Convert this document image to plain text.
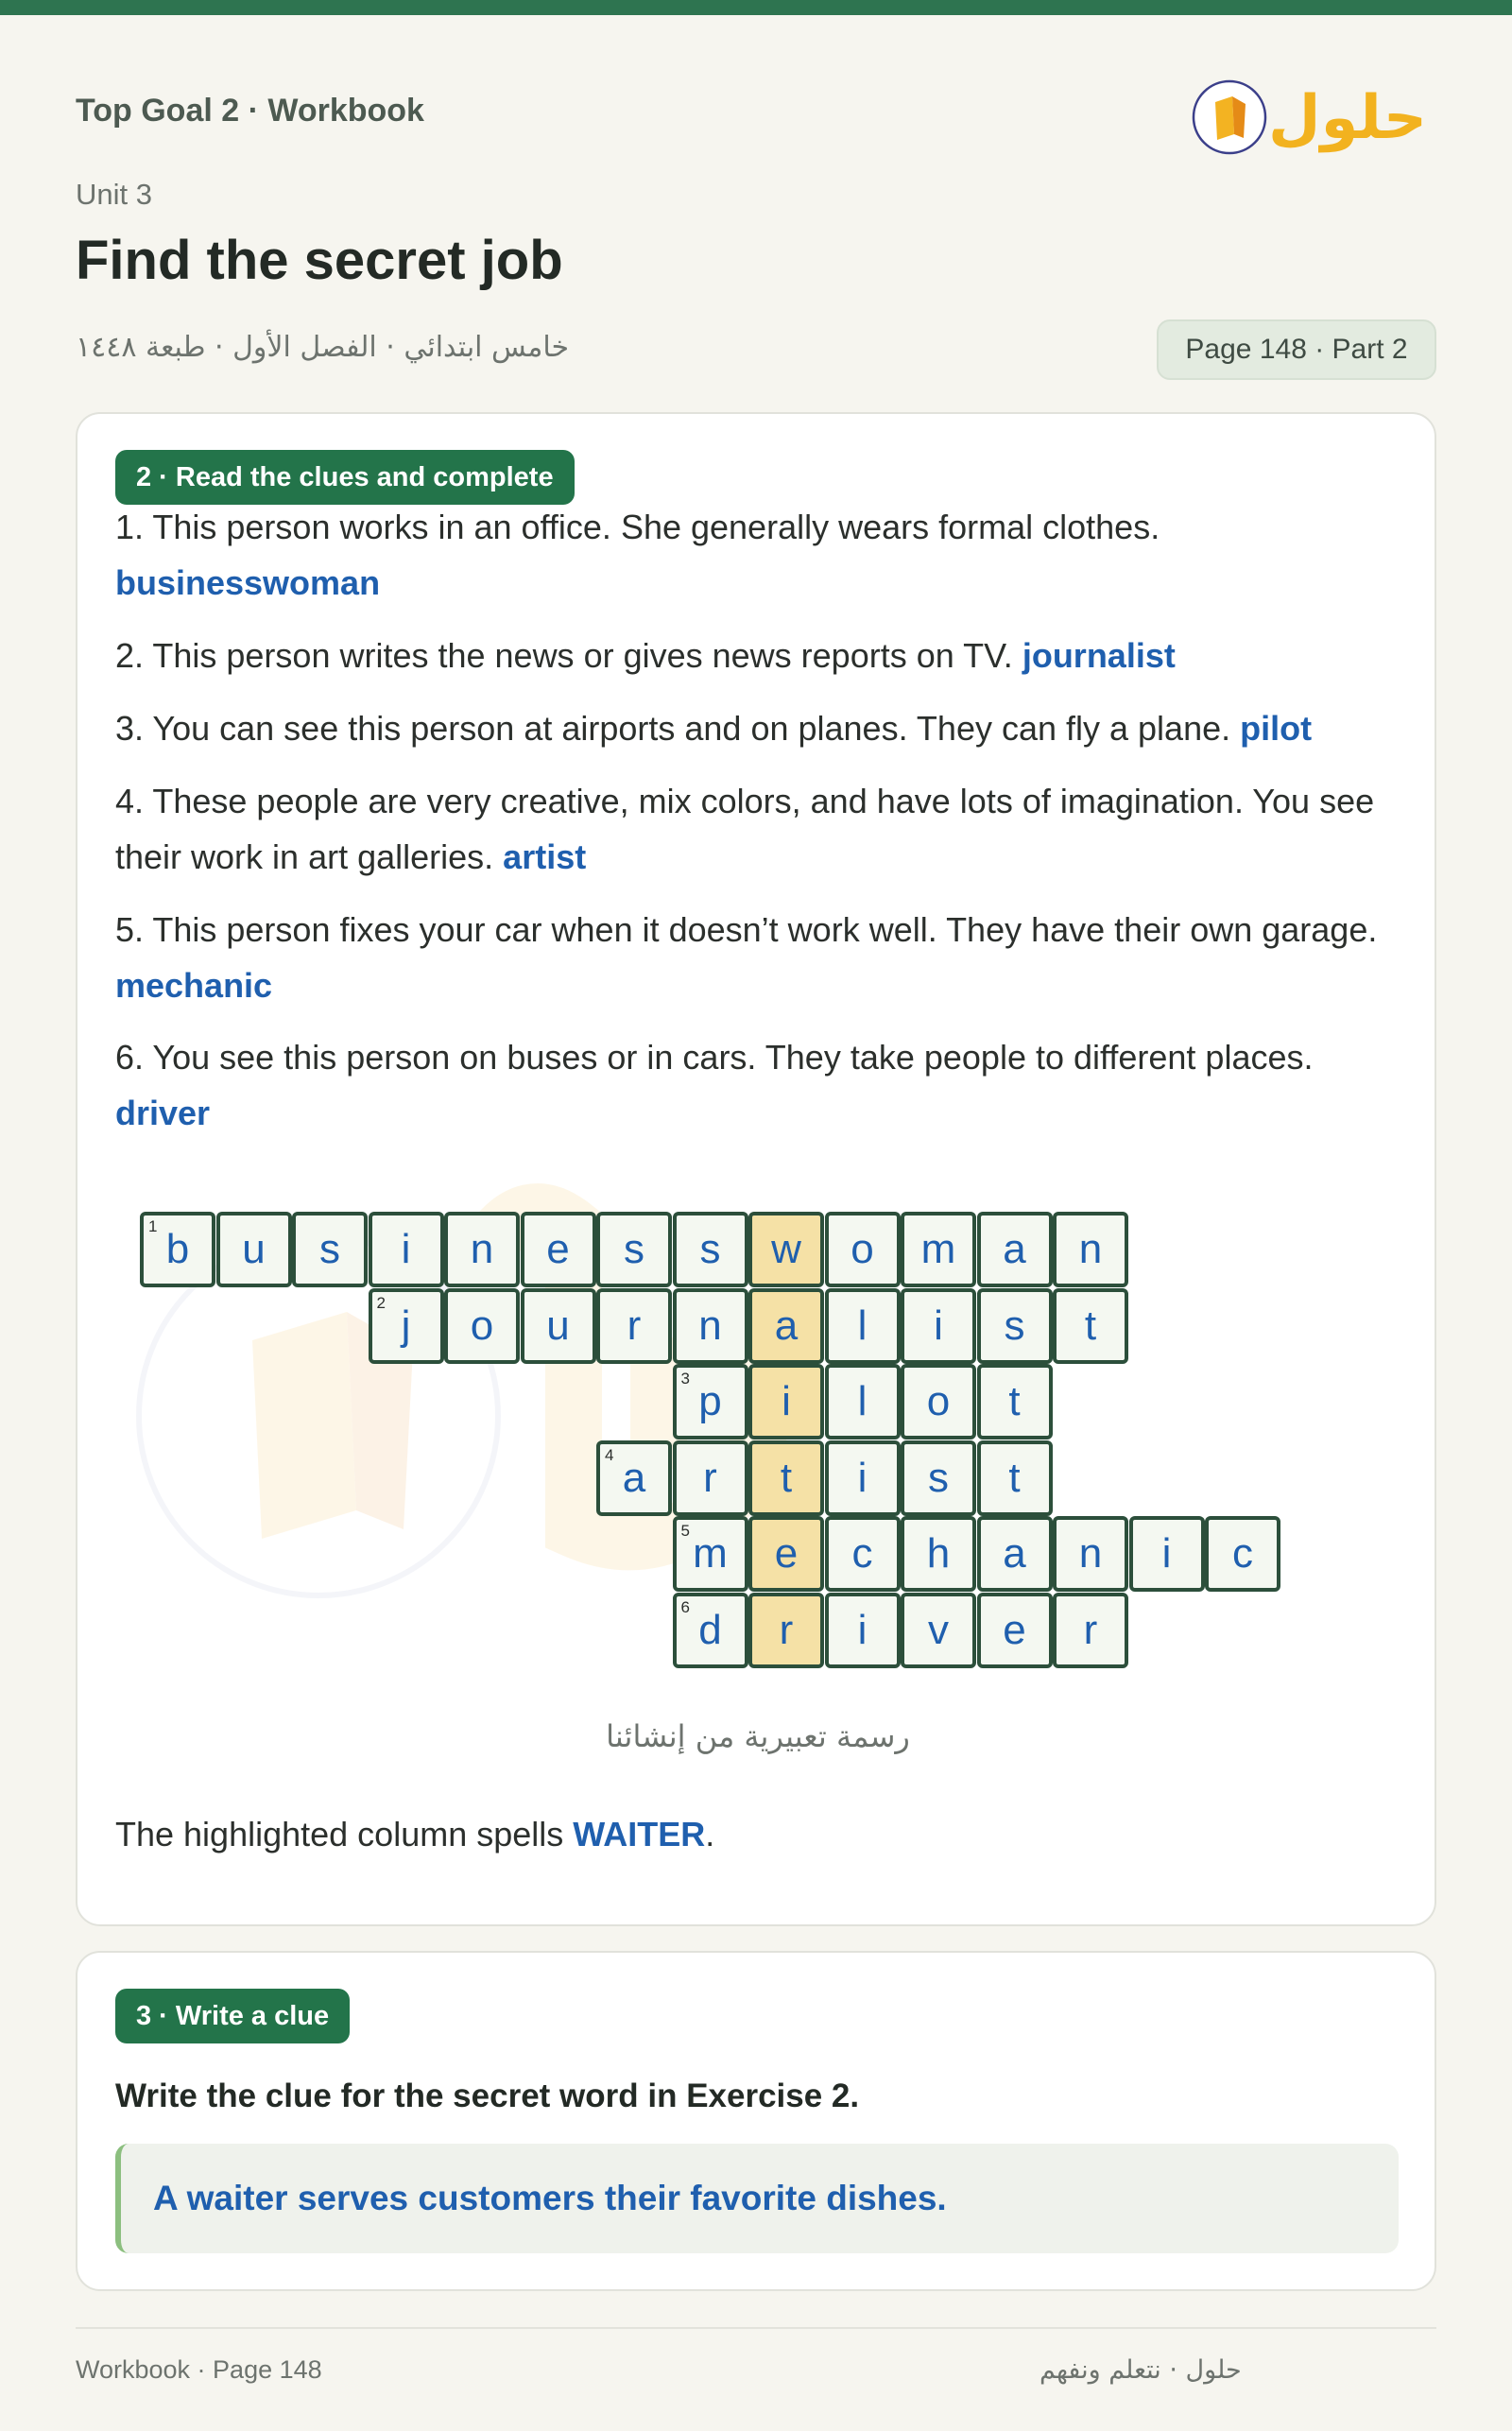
Top Goal 2 · Workbook	حلول
Unit 3
Find the secret job
خامس ابتدائي · الفصل الأول · طبعة ١٤٤٨	Page 148 · Part 2
2 · Read the clues and complete
1. This person works in an office. She generally wears formal clothes. businesswoman
2. This person writes the news or gives news reports on TV. journalist
3. You can see this person at airports and on planes. They can fly a plane. pilot
4. These people are very creative, mix colors, and have lots of imagination. You see their work in art galleries. artist
5. This person fixes your car when it doesn’t work well. They have their own garage. mechanic
6. You see this person on buses or in cars. They take people to different places. driver
1 b u s i n e s s w o m a n
2 j o u r n a l i s t
3 p i l o t
4 a r t i s t
5 m e c h a n i c
6 d r i v e r
رسمة تعبيرية من إنشائنا
The highlighted column spells WAITER.
3 · Write a clue
Write the clue for the secret word in Exercise 2.
A waiter serves customers their favorite dishes.
Workbook · Page 148	حلول · نتعلم ونفهم
